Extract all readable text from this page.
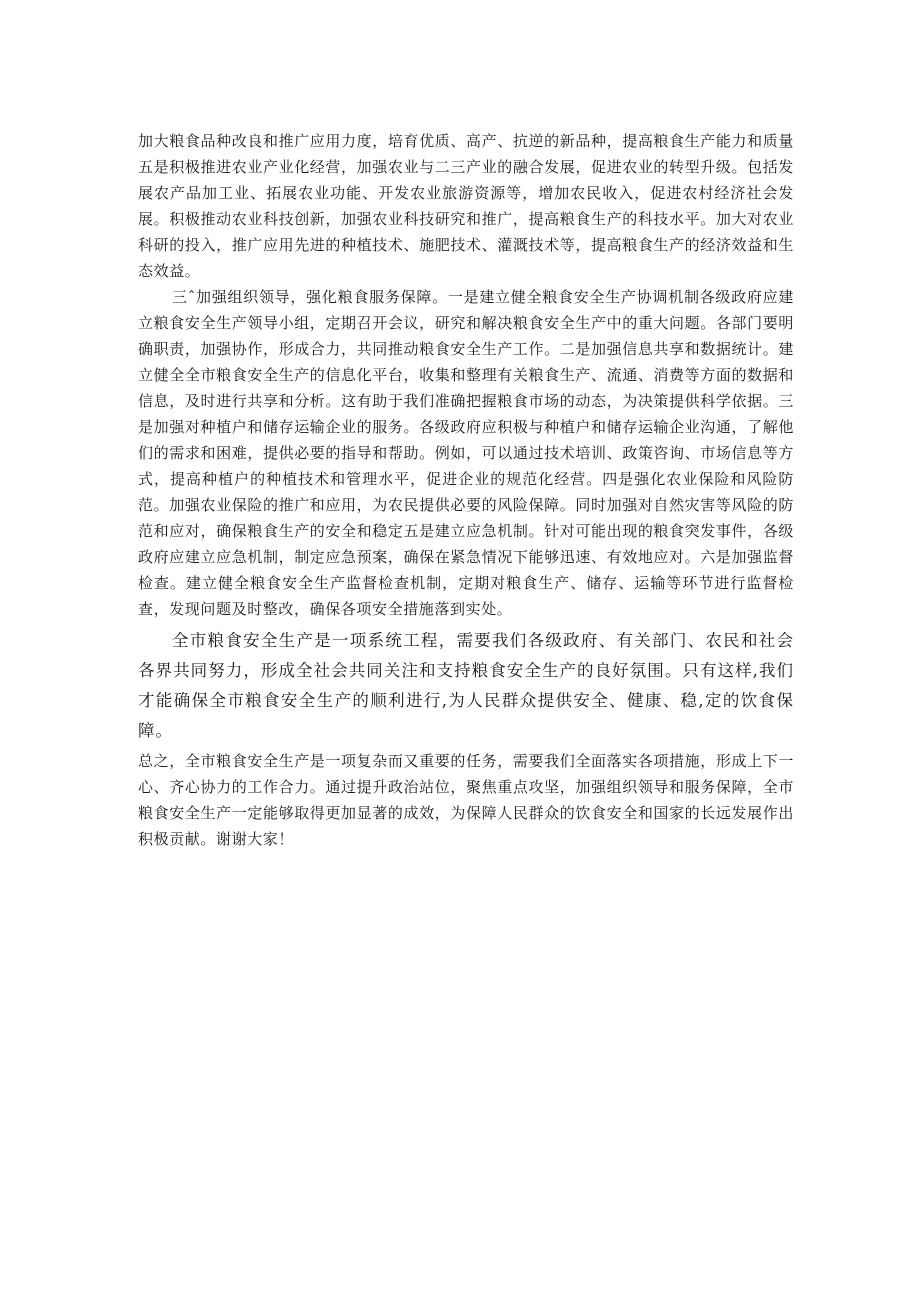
加大粮食品种改良和推广应用力度，培育优质、高产、抗逆的新品种，提高粮食生产能力和质量五是积极推进农业产业化经营，加强农业与二三产业的融合发展，促进农业的转型升级。包括发展农产品加工业、拓展农业功能、开发农业旅游资源等，增加农民收入，促进农村经济社会发展。积极推动农业科技创新，加强农业科技研究和推广，提高粮食生产的科技水平。加大对农业科研的投入，推广应用先进的种植技术、施肥技术、灌溉技术等，提高粮食生产的经济效益和生态效益。

三ˆ加强组织领导，强化粮食服务保障。一是建立健全粮食安全生产协调机制各级政府应建立粮食安全生产领导小组，定期召开会议，研究和解决粮食安全生产中的重大问题。各部门要明确职责，加强协作，形成合力，共同推动粮食安全生产工作。二是加强信息共享和数据统计。建立健全全市粮食安全生产的信息化平台，收集和整理有关粮食生产、流通、消费等方面的数据和信息，及时进行共享和分析。这有助于我们准确把握粮食市场的动态，为决策提供科学依据。三是加强对种植户和储存运输企业的服务。各级政府应积极与种植户和储存运输企业沟通，了解他们的需求和困难，提供必要的指导和帮助。例如，可以通过技术培训、政策咨询、市场信息等方式，提高种植户的种植技术和管理水平，促进企业的规范化经营。四是强化农业保险和风险防范。加强农业保险的推广和应用，为农民提供必要的风险保障。同时加强对自然灾害等风险的防范和应对，确保粮食生产的安全和稳定五是建立应急机制。针对可能出现的粮食突发事件，各级政府应建立应急机制，制定应急预案，确保在紧急情况下能够迅速、有效地应对。六是加强监督检查。建立健全粮食安全生产监督检查机制，定期对粮食生产、储存、运输等环节进行监督检查，发现问题及时整改，确保各项安全措施落到实处。

全市粮食安全生产是一项系统工程，需要我们各级政府、有关部门、农民和社会各界共同努力，形成全社会共同关注和支持粮食安全生产的良好氛围。只有这样,我们才能确保全市粮食安全生产的顺利进行,为人民群众提供安全、健康、稳,定的饮食保障。

总之，全市粮食安全生产是一项复杂而又重要的任务，需要我们全面落实各项措施，形成上下一心、齐心协力的工作合力。通过提升政治站位，聚焦重点攻坚，加强组织领导和服务保障，全市粮食安全生产一定能够取得更加显著的成效，为保障人民群众的饮食安全和国家的长远发展作出积极贡献。谢谢大家！
